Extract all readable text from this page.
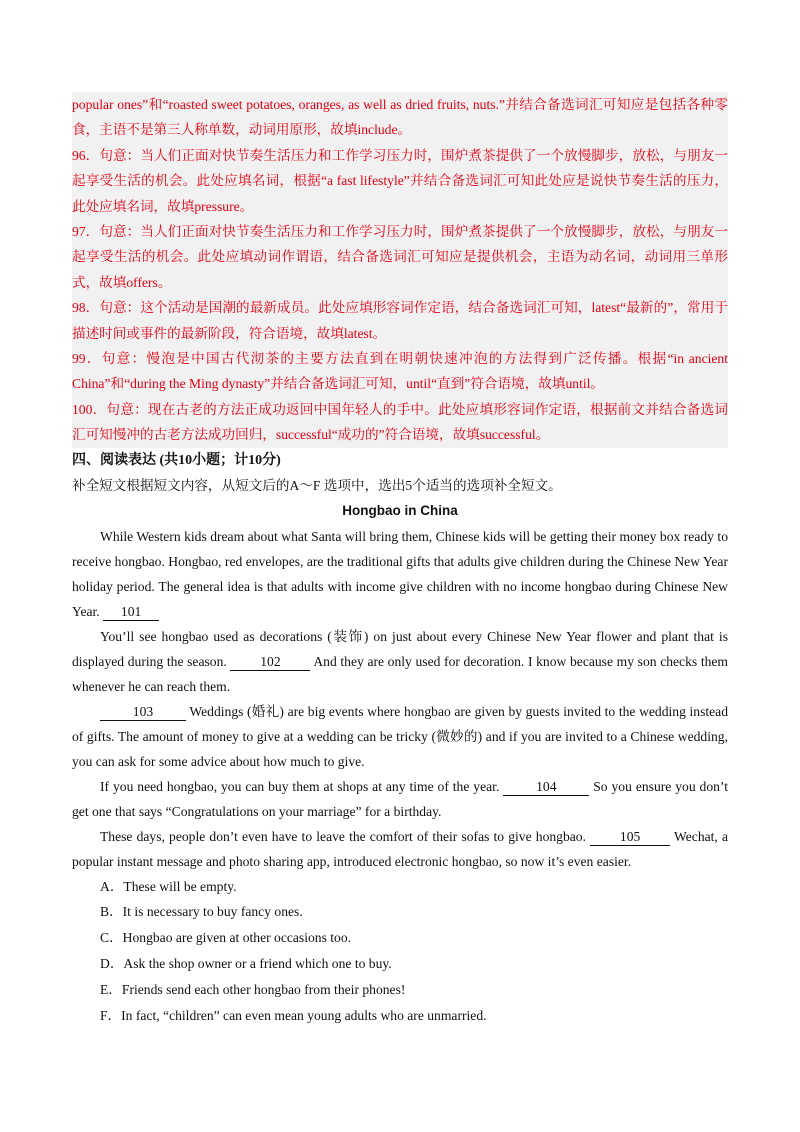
popular ones”和“roasted sweet potatoes, oranges, as well as dried fruits, nuts.”并结合备选词汇可知应是包括各种零食，主语不是第三人称单数，动词用原形，故填include。

96．句意：当人们正面对快节奏生活压力和工作学习压力时，围炉煮茶提供了一个放慢脚步，放松，与朋友一起享受生活的机会。此处应填名词，根据“a fast lifestyle”并结合备选词汇可知此处应是说快节奏生活的压力，此处应填名词，故填pressure。

97．句意：当人们正面对快节奏生活压力和工作学习压力时，围炉煮茶提供了一个放慢脚步，放松，与朋友一起享受生活的机会。此处应填动词作谓语，结合备选词汇可知应是提供机会，主语为动名词，动词用三单形式，故填offers。

98．句意：这个活动是国潮的最新成员。此处应填形容词作定语，结合备选词汇可知，latest“最新的”，常用于描述时间或事件的最新阶段，符合语境，故填latest。

99．句意：慢泡是中国古代沏茶的主要方法直到在明朝快速冲泡的方法得到广泛传播。根据“in ancient China”和“during the Ming dynasty”并结合备选词汇可知，until“直到”符合语境，故填until。

100．句意：现在古老的方法正成功返回中国年轻人的手中。此处应填形容词作定语，根据前文并结合备选词汇可知慢冲的古老方法成功回归，successful“成功的”符合语境，故填successful。

四、阅读表达 (共10小题；计10分)

补全短文根据短文内容，从短文后的A～F 选项中，选出5个适当的选项补全短文。

Hongbao in China

While Western kids dream about what Santa will bring them, Chinese kids will be getting their money box ready to receive hongbao. Hongbao, red envelopes, are the traditional gifts that adults give children during the Chinese New Year holiday period. The general idea is that adults with income give children with no income hongbao during Chinese New Year. 101

You’ll see hongbao used as decorations (装饰) on just about every Chinese New Year flower and plant that is displayed during the season. 102 And they are only used for decoration. I know because my son checks them whenever he can reach them.

103	Weddings (婚礼) are big events where hongbao are given by guests invited to the wedding instead of gifts. The amount of money to give at a wedding can be tricky (微妙的) and if you are invited to a Chinese wedding, you can ask for some advice about how much to give.

If you need hongbao, you can buy them at shops at any time of the year.	104	So you ensure you don’t get one that says “Congratulations on your marriage” for a birthday.

These days, people don’t even have to leave the comfort of their sofas to give hongbao. 105 Wechat, a popular instant message and photo sharing app, introduced electronic hongbao, so now it’s even easier.

A．These will be empty.

B．It is necessary to buy fancy ones.

C．Hongbao are given at other occasions too.

D．Ask the shop owner or a friend which one to buy.

E．Friends send each other hongbao from their phones!

F．In fact, “children” can even mean young adults who are unmarried.
